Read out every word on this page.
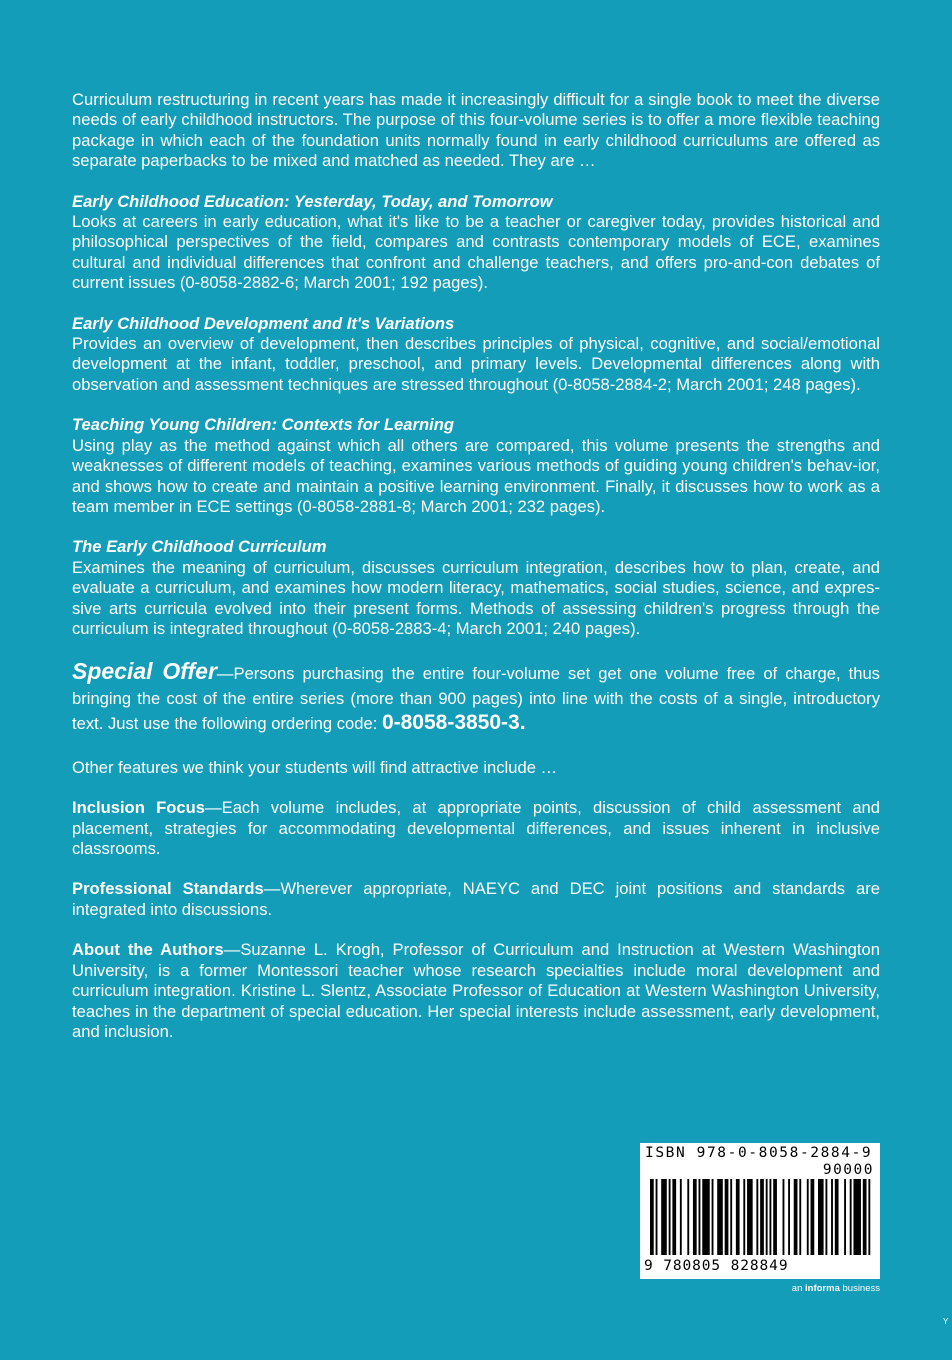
Curriculum restructuring in recent years has made it increasingly difficult for a single book to meet the diverse needs of early childhood instructors. The purpose of this four-volume series is to offer a more flexible teaching package in which each of the foundation units normally found in early childhood curriculums are offered as separate paperbacks to be mixed and matched as needed. They are …

Early Childhood Education: Yesterday, Today, and Tomorrow

Looks at careers in early education, what it's like to be a teacher or caregiver today, provides historical and philosophical perspectives of the field, compares and contrasts contemporary models of ECE, examines cultural and individual differences that confront and challenge teachers, and offers pro-and-con debates of current issues (0-8058-2882-6; March 2001; 192 pages).

Early Childhood Development and It's Variations

Provides an overview of development, then describes principles of physical, cognitive, and social/emotional development at the infant, toddler, preschool, and primary levels. Developmental differences along with observation and assessment techniques are stressed throughout (0-8058-2884-2; March 2001; 248 pages).

Teaching Young Children: Contexts for Learning

Using play as the method against which all others are compared, this volume presents the strengths and weaknesses of different models of teaching, examines various methods of guiding young children's behav-ior, and shows how to create and maintain a positive learning environment. Finally, it discusses how to work as a team member in ECE settings (0-8058-2881-8; March 2001; 232 pages).

The Early Childhood Curriculum

Examines the meaning of curriculum, discusses curriculum integration, describes how to plan, create, and evaluate a curriculum, and examines how modern literacy, mathematics, social studies, science, and expres-sive arts curricula evolved into their present forms. Methods of assessing children's progress through the curriculum is integrated throughout (0-8058-2883-4; March 2001; 240 pages).

Special Offer—Persons purchasing the entire four-volume set get one volume free of charge, thus bringing the cost of the entire series (more than 900 pages) into line with the costs of a single, introductory text. Just use the following ordering code: 0-8058-3850-3.

Other features we think your students will find attractive include …

Inclusion Focus—Each volume includes, at appropriate points, discussion of child assessment and placement, strategies for accommodating developmental differences, and issues inherent in inclusive classrooms.

Professional Standards—Wherever appropriate, NAEYC and DEC joint positions and standards are integrated into discussions.

About the Authors—Suzanne L. Krogh, Professor of Curriculum and Instruction at Western Washington University, is a former Montessori teacher whose research specialties include moral development and curriculum integration. Kristine L. Slentz, Associate Professor of Education at Western Washington University, teaches in the department of special education. Her special interests include assessment, early development, and inclusion.

ISBN 978-0-8058-2884-9
90000
9 780805 828849
an informa business
Y
